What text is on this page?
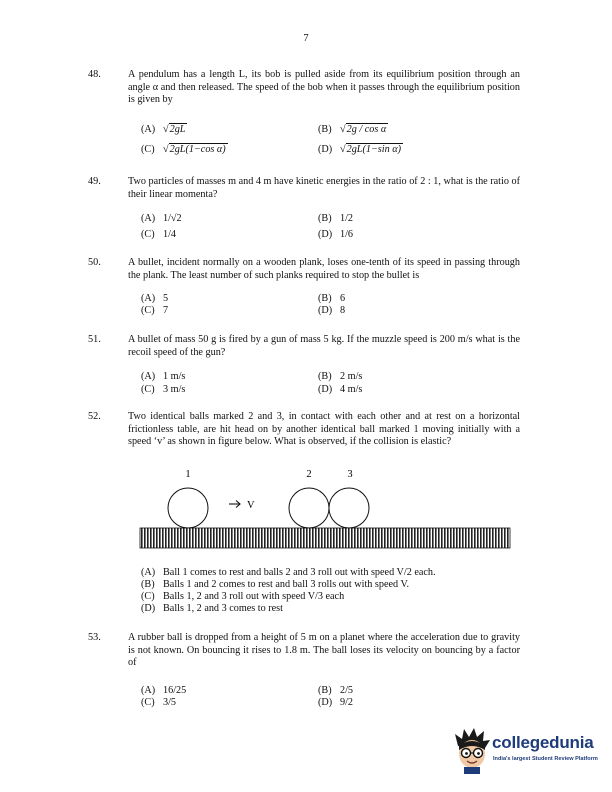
7
48.	A pendulum has a length L, its bob is pulled aside from its equilibrium position through an angle α and then released. The speed of the bob when it passes through the equilibrium position is given by
(A) √2gL	(B) √2g / cos α
(C) √2gL(1−cos α)	(D) √2gL(1−sin α)
49.	Two particles of masses m and 4 m have kinetic energies in the ratio of 2 : 1, what is the ratio of their linear momenta?
(A) 1/√2	(B) 1/2
(C) 1/4	(D) 1/6
50.	A bullet, incident normally on a wooden plank, loses one-tenth of its speed in passing through the plank. The least number of such planks required to stop the bullet is
(A) 5	(B) 6
(C) 7	(D) 8
51.	A bullet of mass 50 g is fired by a gun of mass 5 kg. If the muzzle speed is 200 m/s what is the recoil speed of the gun?
(A) 1 m/s	(B) 2 m/s
(C) 3 m/s	(D) 4 m/s
52.	Two identical balls marked 2 and 3, in contact with each other and at rest on a horizontal frictionless table, are hit head on by another identical ball marked 1 moving initially with a speed ‘v’ as shown in figure below. What is observed, if the collision is elastic?
1	2	3
V
(A) Ball 1 comes to rest and balls 2 and 3 roll out with speed V/2 each.
(B) Balls 1 and 2 comes to rest and ball 3 rolls out with speed V.
(C) Balls 1, 2 and 3 roll out with speed V/3 each
(D) Balls 1, 2 and 3 comes to rest
53.	A rubber ball is dropped from a height of 5 m on a planet where the acceleration due to gravity is not known. On bouncing it rises to 1.8 m. The ball loses its velocity on bouncing by a factor of
(A) 16/25	(B) 2/5
(C) 3/5	(D) 9/2
collegedunia
India's largest Student Review Platform
